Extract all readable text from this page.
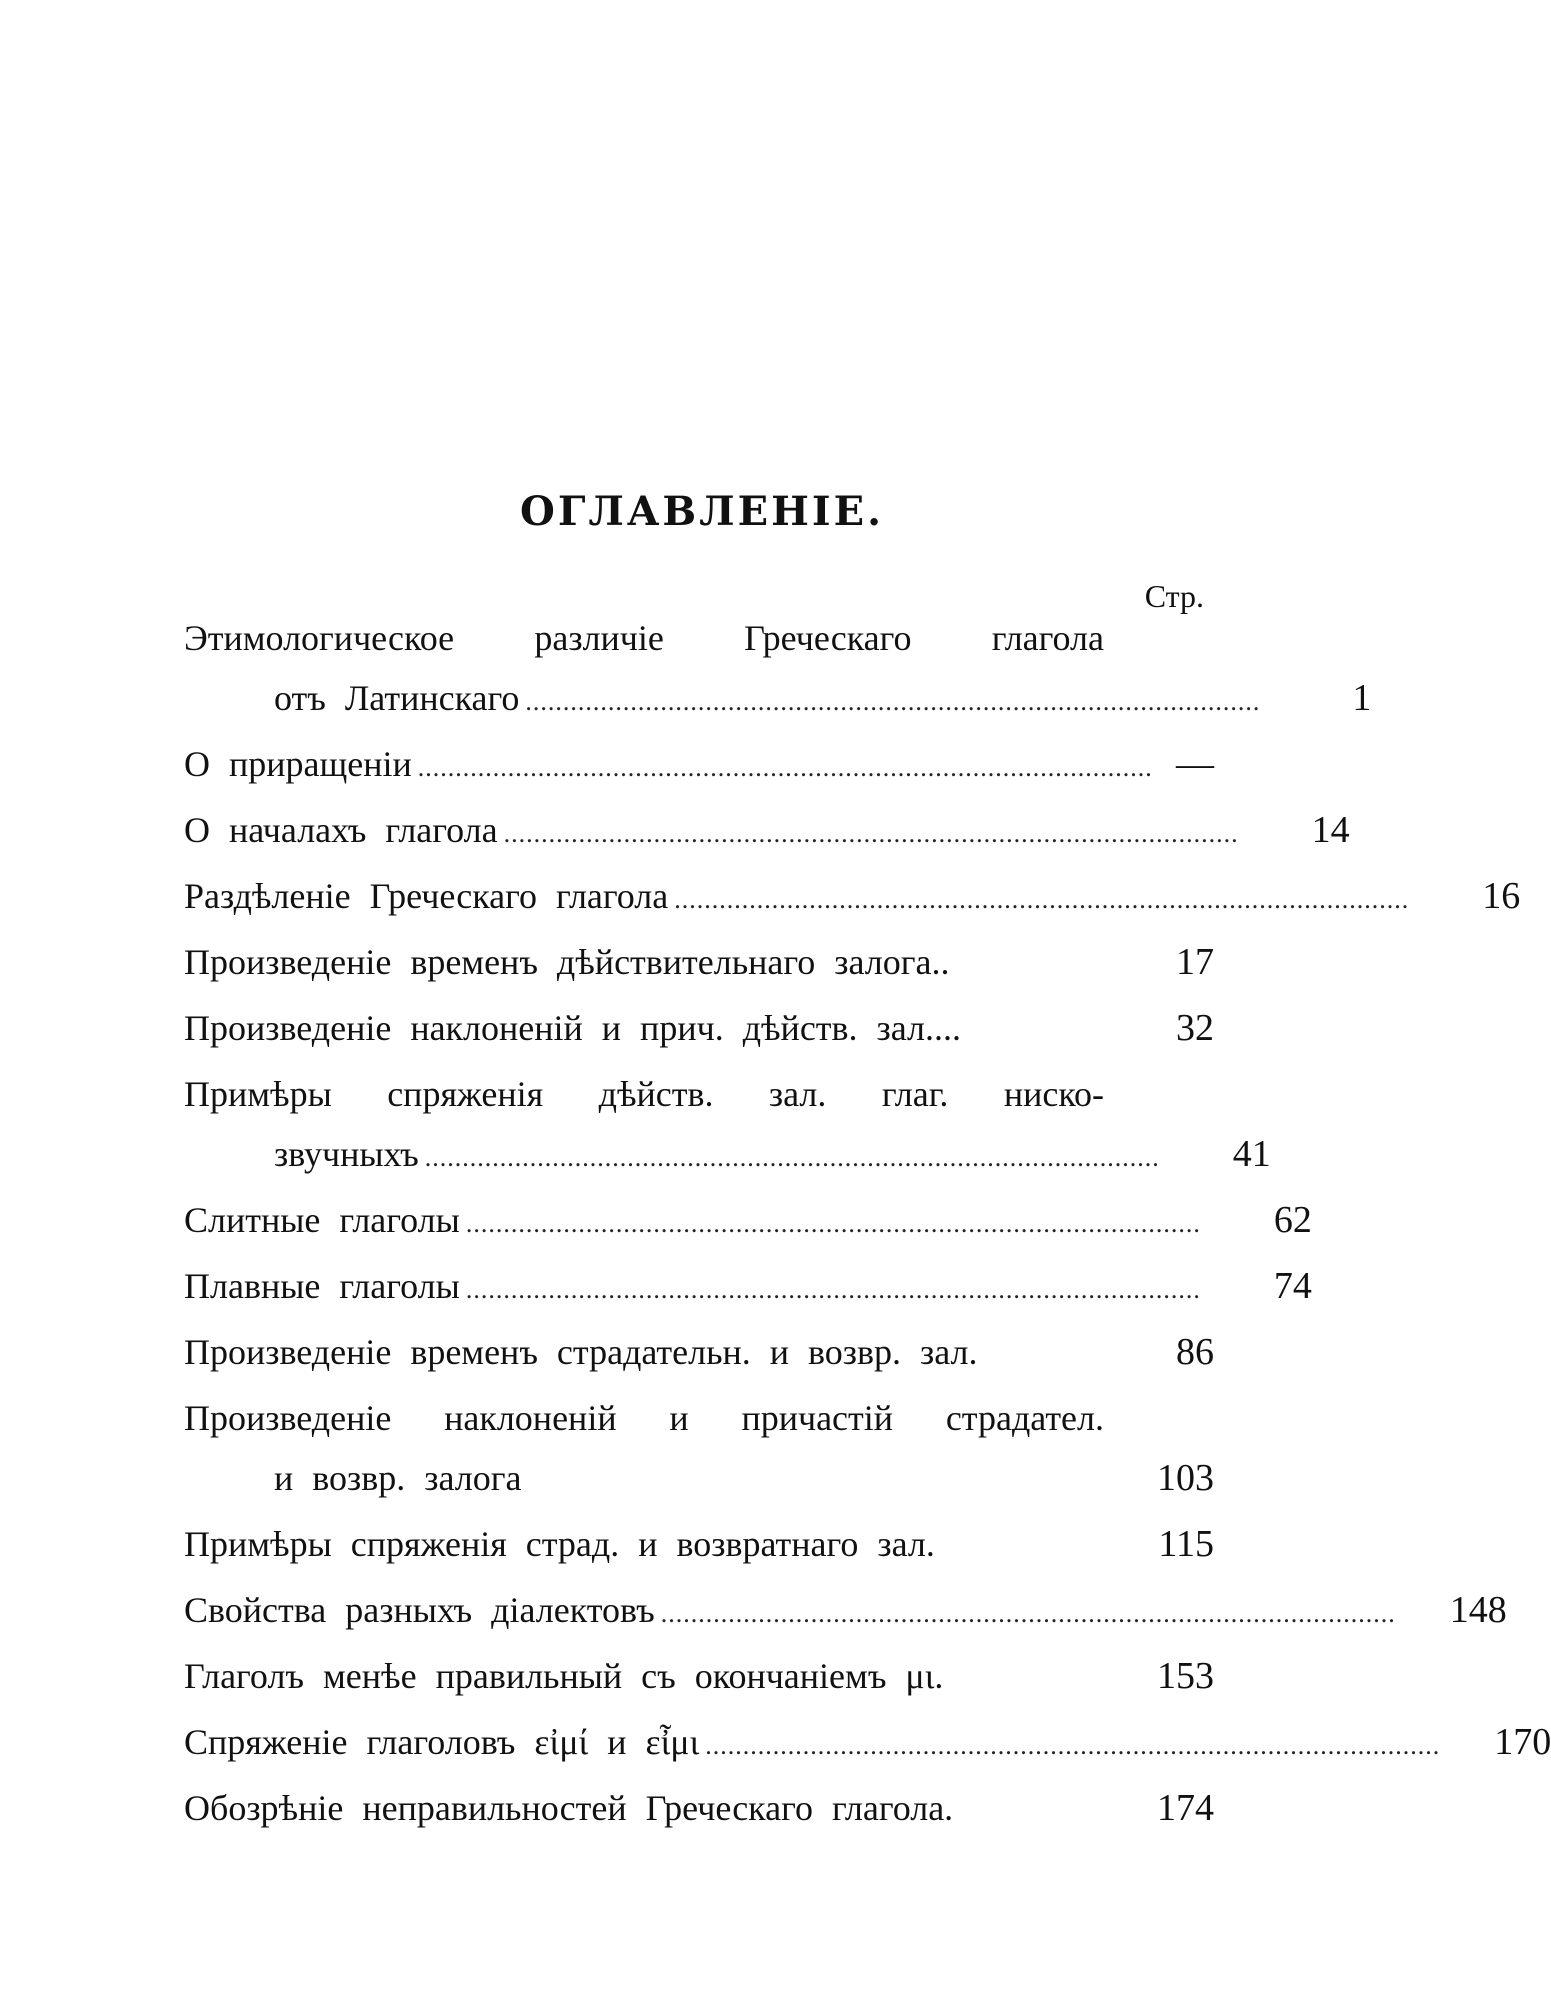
ОГЛАВЛЕНІЕ.
Стр.
Этимологическое различіе Греческаго глагола
отъ Латинскаго ..................................................................................................	1
О приращеніи .................................................................................................. —
О началахъ глагола ..................................................................................................	14
Раздѣленіе Греческаго глагола ..................................................................................................	16
Произведеніе временъ дѣйствительнаго залога..	17
Произведеніе наклоненій и прич. дѣйств. зал....	32
Примѣры спряженія дѣйств. зал. глаг. ниско-
звучныхъ ..................................................................................................	41
Слитные глаголы ..................................................................................................	62
Плавные глаголы ..................................................................................................	74
Произведеніе временъ страдательн. и возвр. зал.	86
Произведеніе наклоненій и причастій страдател.
и возвр. залога	103
Примѣры спряженія страд. и возвратнаго зал.	115
Свойства разныхъ діалектовъ ..................................................................................................	148
Глаголъ менѣе правильный съ окончаніемъ μι.	153
Спряженіе глаголовъ εἰμί и εἶμι ..................................................................................................	170
Обозрѣніе неправильностей Греческаго глагола.	174
